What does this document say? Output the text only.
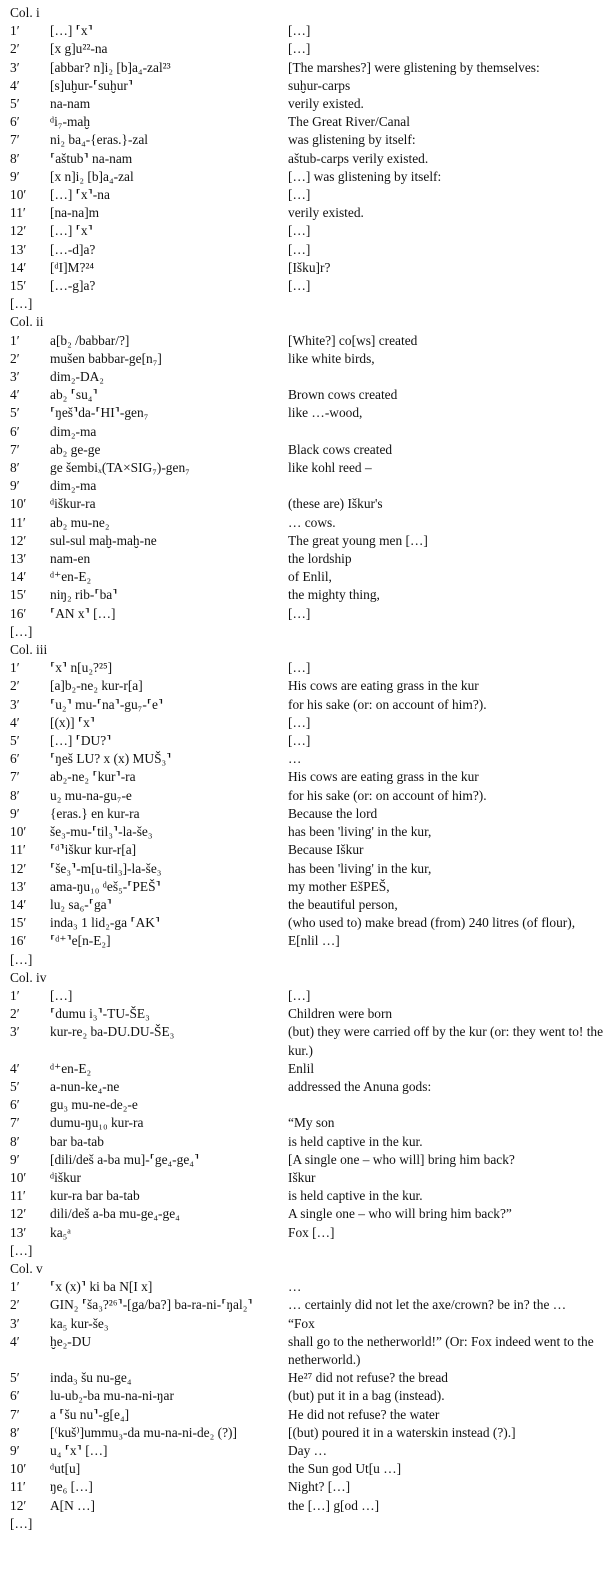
Col. i
1′	[…] ⸢x⸣	[…]
2′	[x g]u²²-na	[…]
3′	[abbar? n]i₂ [b]a₄-zal²³	[The marshes?] were glistening by themselves:
4′	[s]uḫur-⸢suḫur⸣	suḫur-carps
5′	na-nam	verily existed.
6′	ᵈi₇-maḫ	The Great River/Canal
7′	ni₂ ba₄-{eras.}-zal	was glistening by itself:
8′	⸢aštub⸣ na-nam	aštub-carps verily existed.
9′	[x n]i₂ [b]a₄-zal	[…] was glistening by itself:
10′	[…] ⸢x⸣-na	[…]
11′	[na-na]m	verily existed.
12′	[…] ⸢x⸣	[…]
13′	[…-d]a?	[…]
14′	[ᵈI]M?²⁴	[Išku]r?
15′	[…-g]a?	[…]
[…]
Col. ii
1′	a[b₂ /babbar/?]	[White?] co[ws] created
2′	mušen babbar-ge[n₇]	like white birds,
3′	dim₂-DA₂
4′	ab₂ ⸢su₄⸣	Brown cows created
5′	⸢ŋeš⸣da-⸢HI⸣-gen₇	like …-wood,
6′	dim₂-ma
7′	ab₂ ge-ge	Black cows created
8′	ge šembiₓ(TA×SIG₇)-gen₇	like kohl reed –
9′	dim₂-ma
10′	ᵈiškur-ra	(these are) Iškur's
11′	ab₂ mu-ne₂	… cows.
12′	sul-sul maḫ-maḫ-ne	The great young men […]
13′	nam-en	the lordship
14′	ᵈ⁺en-E₂	of Enlil,
15′	niŋ₂ rib-⸢ba⸣	the mighty thing,
16′	⸢AN x⸣ […]	[…]
[…]
Col. iii
1′	⸢x⸣ n[u₂?²⁵]	[…]
2′	[a]b₂-ne₂ kur-r[a]	His cows are eating grass in the kur
3′	⸢u₂⸣ mu-⸢na⸣-gu₇-⸢e⸣	for his sake (or: on account of him?).
4′	[(x)] ⸢x⸣	[…]
5′	[…] ⸢DU?⸣	[…]
6′	⸢ŋeš LU? x (x) MUŠ₃⸣	…
7′	ab₂-ne₂ ⸢kur⸣-ra	His cows are eating grass in the kur
8′	u₂ mu-na-gu₇-e	for his sake (or: on account of him?).
9′	{eras.} en kur-ra	Because the lord
10′	še₃-mu-⸢til₃⸣-la-še₃	has been 'living' in the kur,
11′	⸢ᵈ⸣iškur kur-r[a]	Because Iškur
12′	⸢še₃⸣-m[u-til₃]-la-še₃	has been 'living' in the kur,
13′	ama-ŋu₁₀ ᵈeš₅-⸢PEŠ⸣	my mother EšPEŠ,
14′	lu₂ sa₆-⸢ga⸣	the beautiful person,
15′	inda₃ 1 lid₂-ga ⸢AK⸣	(who used to) make bread (from) 240 litres (of flour),
16′	⸢ᵈ⁺⸣e[n-E₂]	E[nlil …]
[…]
Col. iv
1′	[…]	[…]
2′	⸢dumu i₃⸣-TU-ŠE₃	Children were born
3′	kur-re₂ ba-DU.DU-ŠE₃	(but) they were carried off by the kur (or: they went to! the kur.)
4′	ᵈ⁺en-E₂	Enlil
5′	a-nun-ke₄-ne	addressed the Anuna gods:
6′	gu₃ mu-ne-de₂-e
7′	dumu-ŋu₁₀ kur-ra	“My son
8′	bar ba-tab	is held captive in the kur.
9′	[dili/deš a-ba mu]-⸢ge₄-ge₄⸣	[A single one – who will] bring him back?
10′	ᵈiškur	Iškur
11′	kur-ra bar ba-tab	is held captive in the kur.
12′	dili/deš a-ba mu-ge₄-ge₄	A single one – who will bring him back?”
13′	ka₅ᵃ	Fox […]
[…]
Col. v
1′	⸢x (x)⸣ ki ba N[I x]	…
2′	GIN₂ ⸢ša₃?²⁶⸣-[ga/ba?] ba-ra-ni-⸢ŋal₂⸣	… certainly did not let the axe/crown? be in? the …
3′	ka₅ kur-še₃	“Fox
4′	ḫe₂-DU	shall go to the netherworld!” (Or: Fox indeed went to the netherworld.)
5′	inda₃ šu nu-ge₄	He²⁷ did not refuse? the bread
6′	lu-ub₂-ba mu-na-ni-ŋar	(but) put it in a bag (instead).
7′	a ⸢šu nu⸣-g[e₄]	He did not refuse? the water
8′	[⁽kuš⁾]ummu₃-da mu-na-ni-de₂ (?)]	[(but) poured it in a waterskin instead (?).]
9′	u₄ ⸢x⸣ […]	Day …
10′	ᵈut[u]	the Sun god Ut[u …]
11′	ŋe₆ […]	Night? […]
12′	A[N …]	the […] g[od …]
[…]
